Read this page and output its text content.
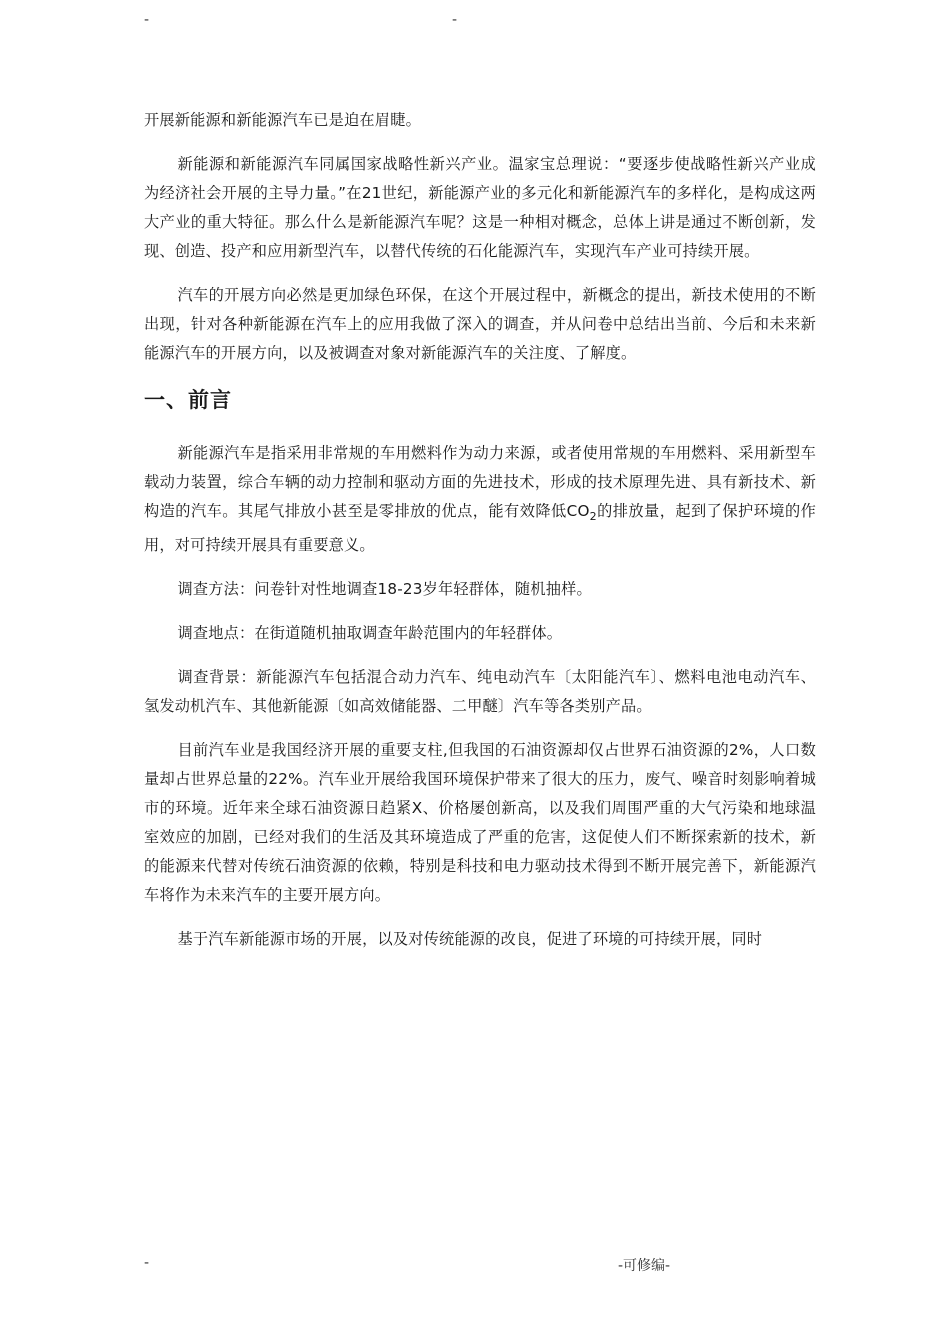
-	-

开展新能源和新能源汽车已是迫在眉睫。

新能源和新能源汽车同属国家战略性新兴产业。温家宝总理说：“要逐步使战略性新兴产业成为经济社会开展的主导力量。”在21世纪，新能源产业的多元化和新能源汽车的多样化，是构成这两大产业的重大特征。那么什么是新能源汽车呢？这是一种相对概念，总体上讲是通过不断创新，发现、创造、投产和应用新型汽车，以替代传统的石化能源汽车，实现汽车产业可持续开展。

汽车的开展方向必然是更加绿色环保，在这个开展过程中，新概念的提出，新技术使用的不断出现，针对各种新能源在汽车上的应用我做了深入的调查，并从问卷中总结出当前、今后和未来新能源汽车的开展方向，以及被调查对象对新能源汽车的关注度、了解度。

一、前言

新能源汽车是指采用非常规的车用燃料作为动力来源，或者使用常规的车用燃料、采用新型车载动力装置，综合车辆的动力控制和驱动方面的先进技术，形成的技术原理先进、具有新技术、新构造的汽车。其尾气排放小甚至是零排放的优点，能有效降低$CO_2$的排放量，起到了保护环境的作用，对可持续开展具有重要意义。

调查方法：问卷针对性地调查18-23岁年轻群体，随机抽样。

调查地点：在街道随机抽取调查年龄范围内的年轻群体。

调查背景：新能源汽车包括混合动力汽车、纯电动汽车〔太阳能汽车〕、燃料电池电动汽车、氢发动机汽车、其他新能源〔如高效储能器、二甲醚〕汽车等各类别产品。

目前汽车业是我国经济开展的重要支柱,但我国的石油资源却仅占世界石油资源的2%，人口数量却占世界总量的22%。汽车业开展给我国环境保护带来了很大的压力，废气、噪音时刻影响着城市的环境。近年来全球石油资源日趋紧X、价格屡创新高，以及我们周围严重的大气污染和地球温室效应的加剧，已经对我们的生活及其环境造成了严重的危害，这促使人们不断探索新的技术，新的能源来代替对传统石油资源的依赖，特别是科技和电力驱动技术得到不断开展完善下，新能源汽车将作为未来汽车的主要开展方向。

基于汽车新能源市场的开展，以及对传统能源的改良，促进了环境的可持续开展，同时

-	-可修编-
